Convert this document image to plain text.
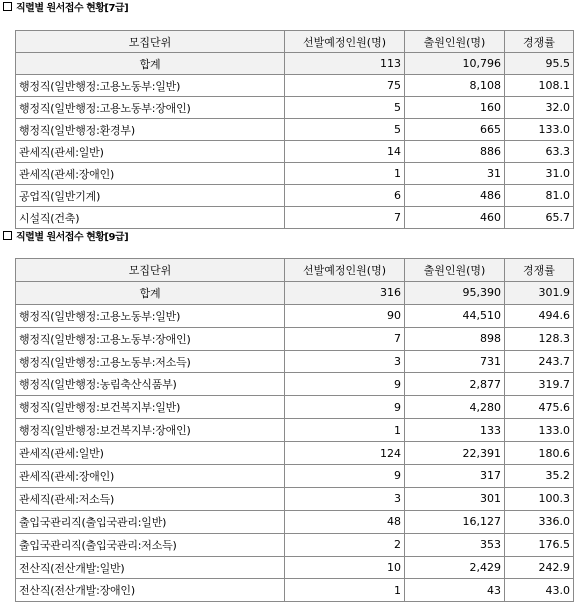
직렬별 원서접수 현황[7급]
모집단위	선발예정인원(명)	출원인원(명)	경쟁률
합계	113	10,796	95.5
행정직(일반행정:고용노동부:일반)	75	8,108	108.1
행정직(일반행정:고용노동부:장애인)	5	160	32.0
행정직(일반행정:환경부)	5	665	133.0
관세직(관세:일반)	14	886	63.3
관세직(관세:장애인)	1	31	31.0
공업직(일반기계)	6	486	81.0
시설직(건축)	7	460	65.7
직렬별 원서접수 현황[9급]
모집단위	선발예정인원(명)	출원인원(명)	경쟁률
합계	316	95,390	301.9
행정직(일반행정:고용노동부:일반)	90	44,510	494.6
행정직(일반행정:고용노동부:장애인)	7	898	128.3
행정직(일반행정:고용노동부:저소득)	3	731	243.7
행정직(일반행정:농림축산식품부)	9	2,877	319.7
행정직(일반행정:보건복지부:일반)	9	4,280	475.6
행정직(일반행정:보건복지부:장애인)	1	133	133.0
관세직(관세:일반)	124	22,391	180.6
관세직(관세:장애인)	9	317	35.2
관세직(관세:저소득)	3	301	100.3
출입국관리직(출입국관리:일반)	48	16,127	336.0
출입국관리직(출입국관리:저소득)	2	353	176.5
전산직(전산개발:일반)	10	2,429	242.9
전산직(전산개발:장애인)	1	43	43.0
